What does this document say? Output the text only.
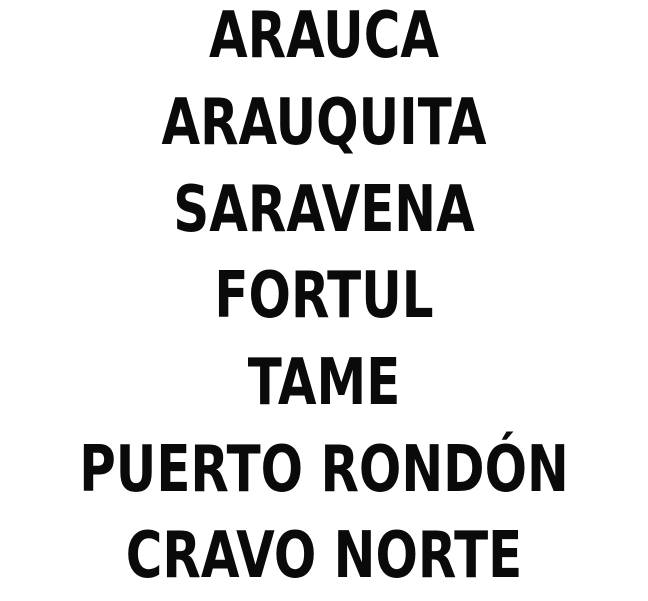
ARAUCA
ARAUQUITA
SARAVENA
FORTUL
TAME
PUERTO RONDÓN
CRAVO NORTE
